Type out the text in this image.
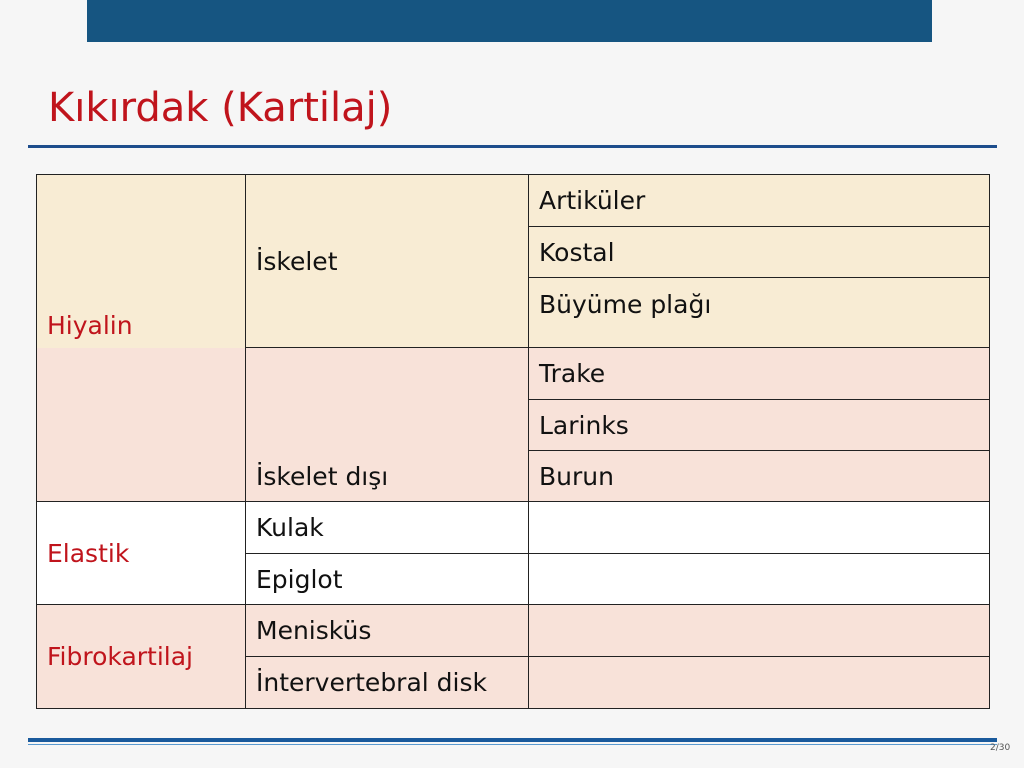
Kıkırdak (Kartilaj)
Hiyalin	İskelet	Artiküler
		Kostal
		Büyüme plağı
	İskelet dışı	Trake
		Larinks
		Burun
Elastik	Kulak	
	Epiglot	
Fibrokartilaj	Menisküs	
	İntervertebral disk	
2/30
